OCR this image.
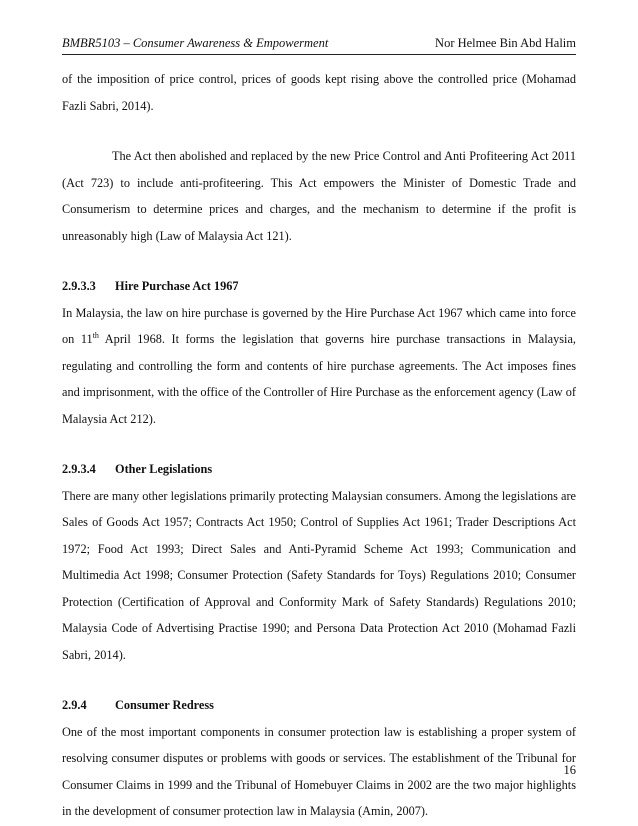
BMBR5103 – Consumer Awareness & Empowerment	Nor Helmee Bin Abd Halim

of the imposition of price control, prices of goods kept rising above the controlled price (Mohamad Fazli Sabri, 2014).

The Act then abolished and replaced by the new Price Control and Anti Profiteering Act 2011 (Act 723) to include anti-profiteering. This Act empowers the Minister of Domestic Trade and Consumerism to determine prices and charges, and the mechanism to determine if the profit is unreasonably high (Law of Malaysia Act 121).

2.9.3.3 Hire Purchase Act 1967

In Malaysia, the law on hire purchase is governed by the Hire Purchase Act 1967 which came into force on 11th April 1968. It forms the legislation that governs hire purchase transactions in Malaysia, regulating and controlling the form and contents of hire purchase agreements. The Act imposes fines and imprisonment, with the office of the Controller of Hire Purchase as the enforcement agency (Law of Malaysia Act 212).

2.9.3.4 Other Legislations

There are many other legislations primarily protecting Malaysian consumers. Among the legislations are Sales of Goods Act 1957; Contracts Act 1950; Control of Supplies Act 1961; Trader Descriptions Act 1972; Food Act 1993; Direct Sales and Anti-Pyramid Scheme Act 1993; Communication and Multimedia Act 1998; Consumer Protection (Safety Standards for Toys) Regulations 2010; Consumer Protection (Certification of Approval and Conformity Mark of Safety Standards) Regulations 2010; Malaysia Code of Advertising Practise 1990; and Persona Data Protection Act 2010 (Mohamad Fazli Sabri, 2014).

2.9.4 Consumer Redress

One of the most important components in consumer protection law is establishing a proper system of resolving consumer disputes or problems with goods or services. The establishment of the Tribunal for Consumer Claims in 1999 and the Tribunal of Homebuyer Claims in 2002 are the two major highlights in the development of consumer protection law in Malaysia (Amin, 2007).

16
